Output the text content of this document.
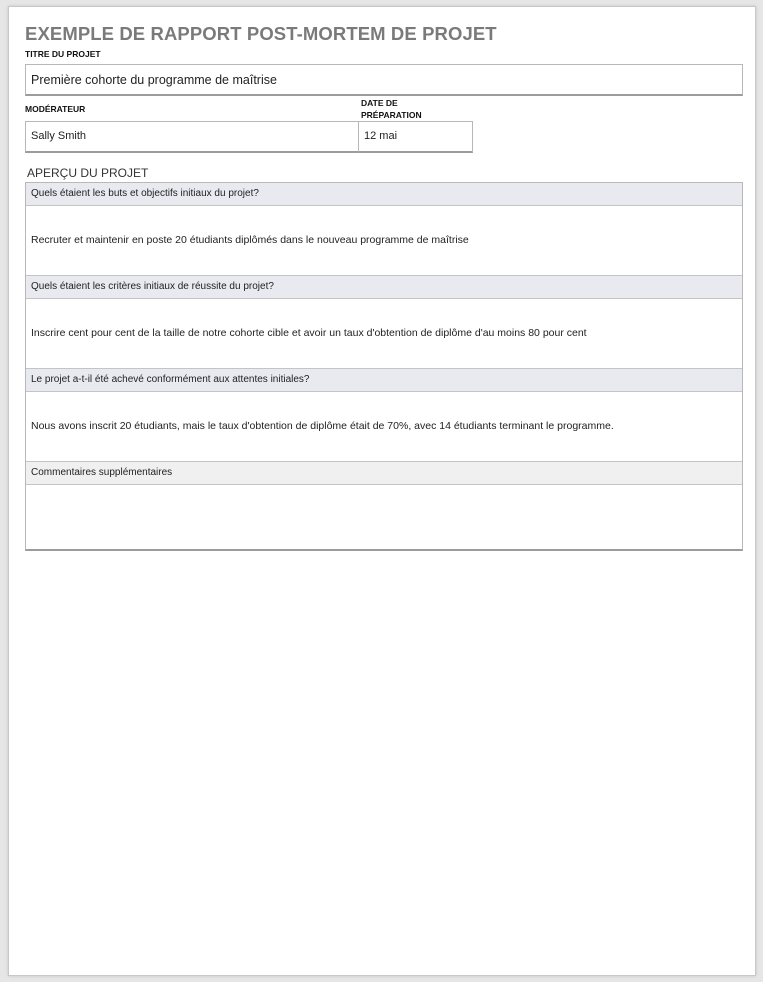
EXEMPLE DE RAPPORT POST-MORTEM DE PROJET
TITRE DU PROJET
Première cohorte du programme de maîtrise
MODÉRATEUR
DATE DE
PRÉPARATION
Sally Smith	12 mai
APERÇU DU PROJET
Quels étaient les buts et objectifs initiaux du projet?
Recruter et maintenir en poste 20 étudiants diplômés dans le nouveau programme de maîtrise
Quels étaient les critères initiaux de réussite du projet?
Inscrire cent pour cent de la taille de notre cohorte cible et avoir un taux d'obtention de diplôme d'au moins 80 pour cent
Le projet a-t-il été achevé conformément aux attentes initiales?
Nous avons inscrit 20 étudiants, mais le taux d'obtention de diplôme était de 70%, avec 14 étudiants terminant le programme.
Commentaires supplémentaires
